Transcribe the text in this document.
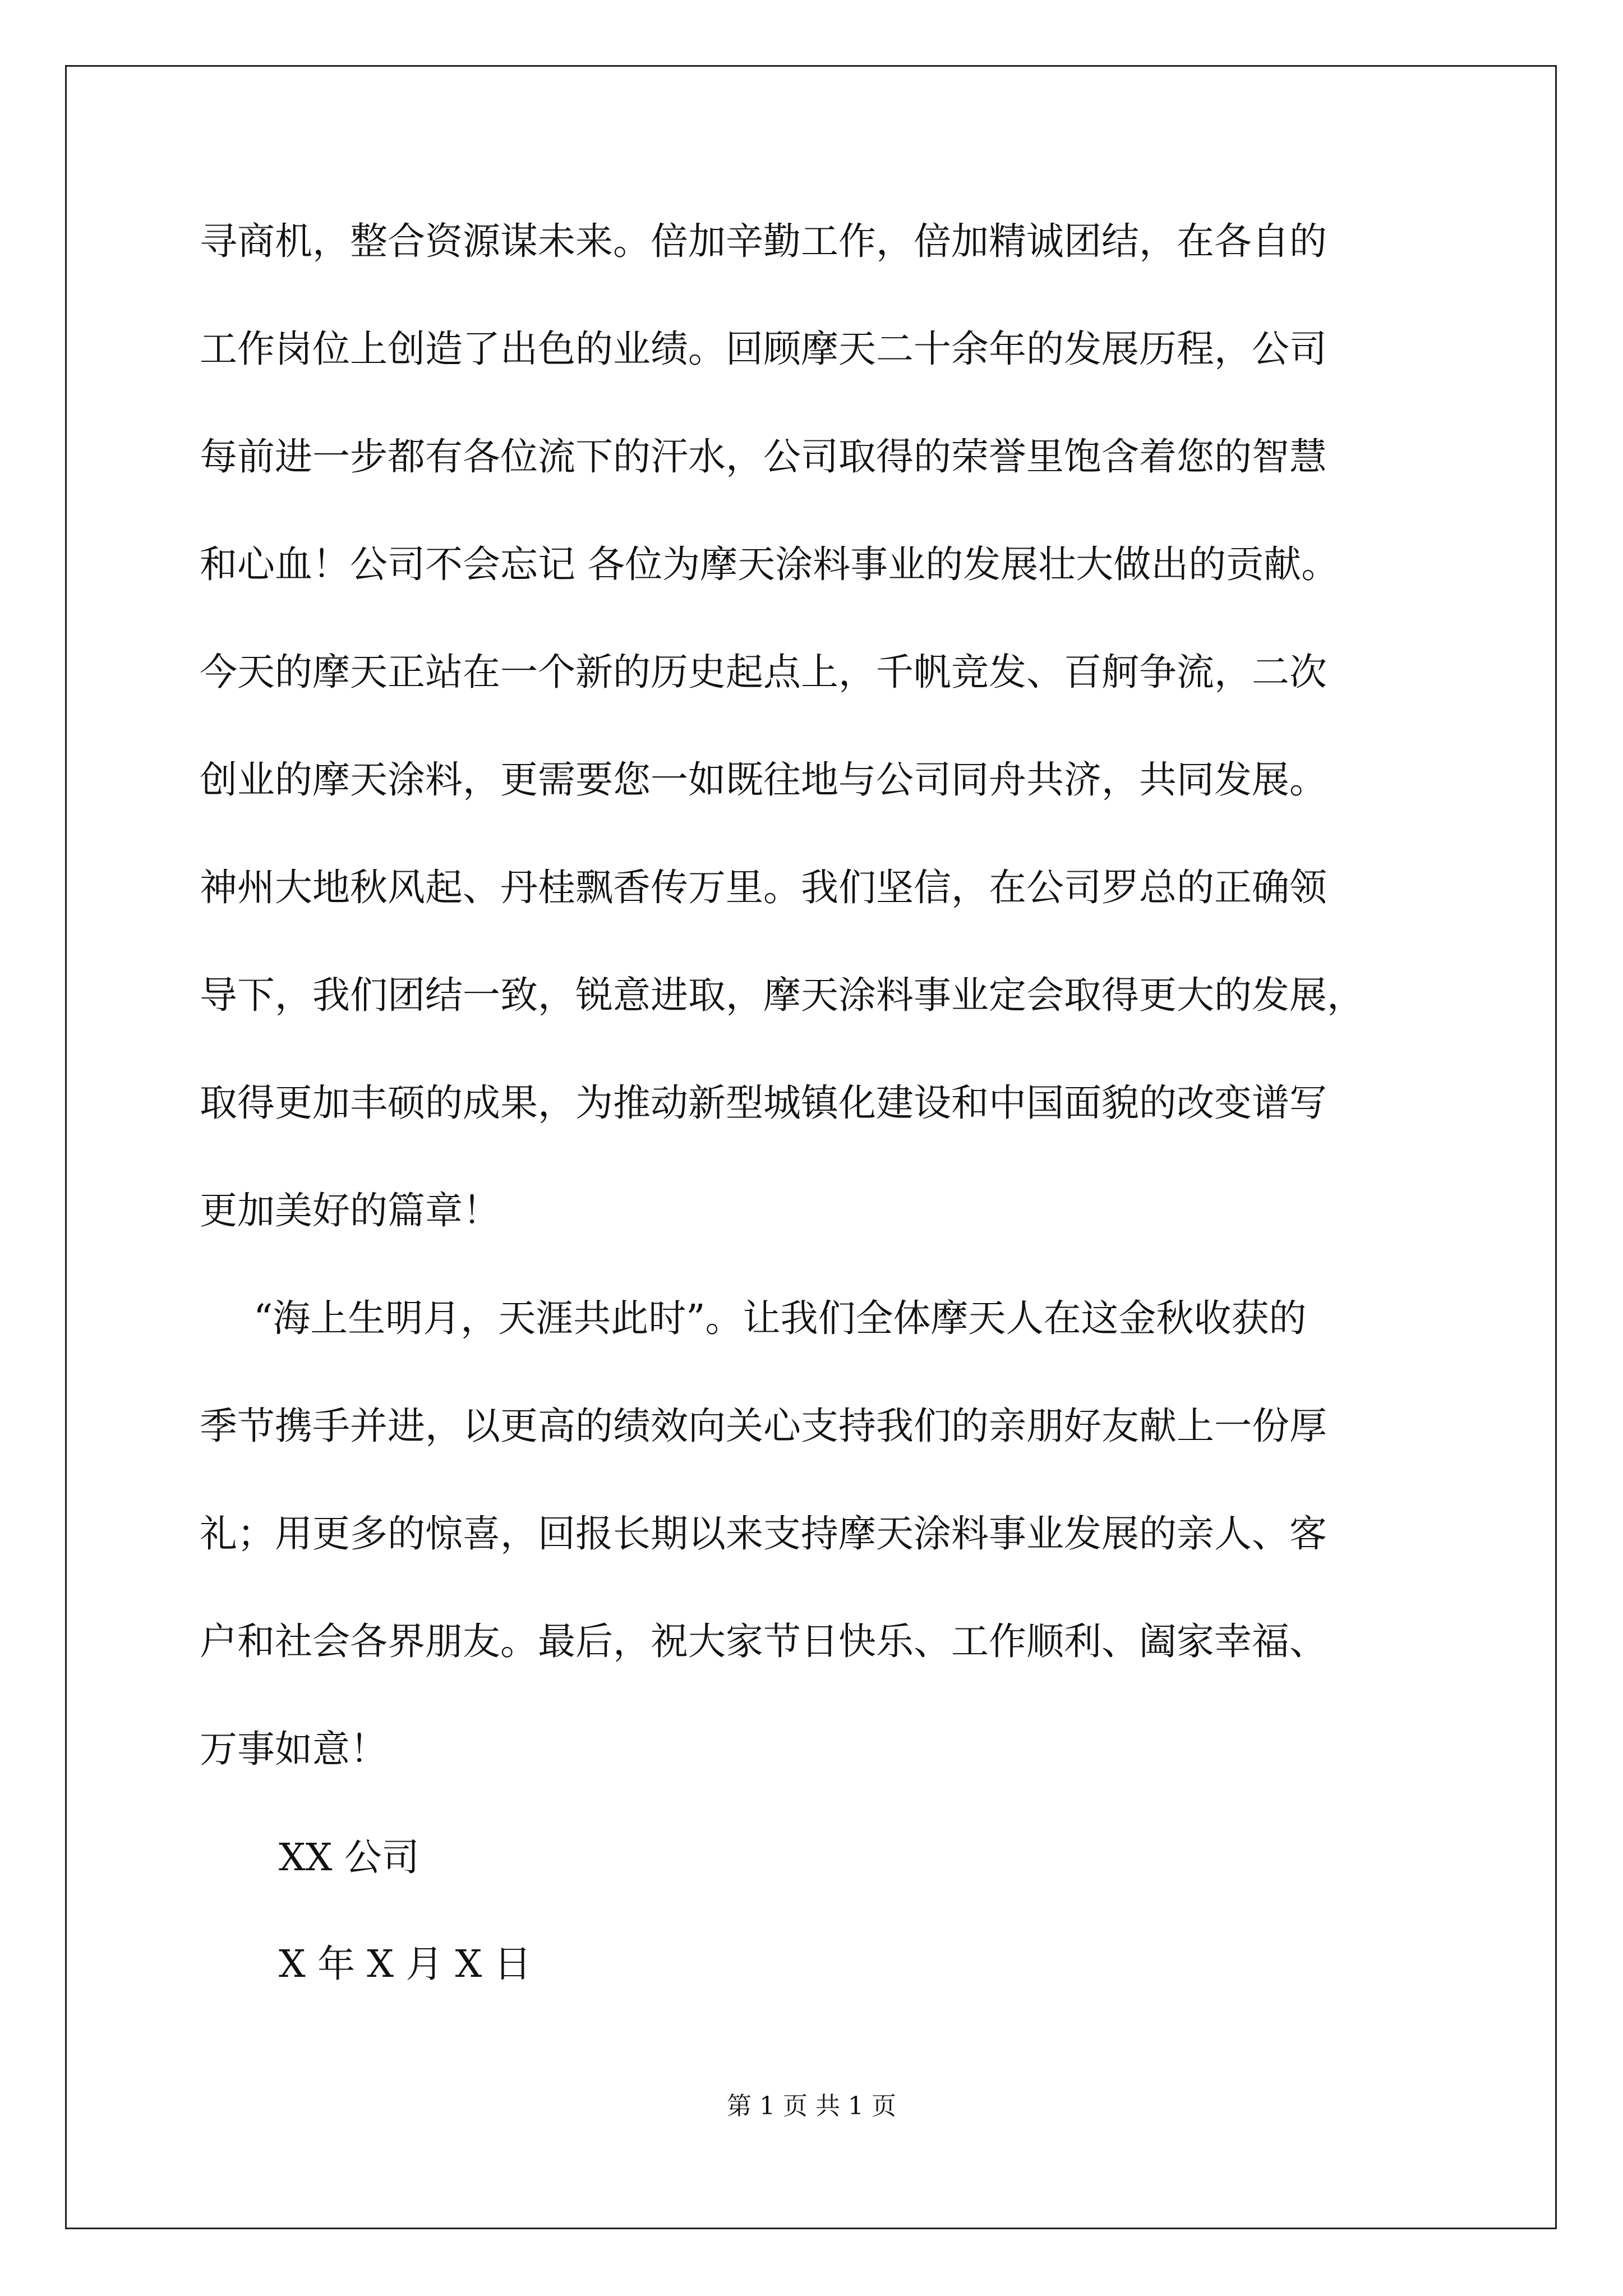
寻商机，整合资源谋未来。倍加辛勤工作，倍加精诚团结，在各自的
工作岗位上创造了出色的业绩。回顾摩天二十余年的发展历程，公司
每前进一步都有各位流下的汗水，公司取得的荣誉里饱含着您的智慧
和心血！公司不会忘记 各位为摩天涂料事业的发展壮大做出的贡献。
今天的摩天正站在一个新的历史起点上，千帆竞发、百舸争流，二次
创业的摩天涂料，更需要您一如既往地与公司同舟共济，共同发展。
神州大地秋风起、丹桂飘香传万里。我们坚信，在公司罗总的正确领
导下，我们团结一致，锐意进取，摩天涂料事业定会取得更大的发展，
取得更加丰硕的成果，为推动新型城镇化建设和中国面貌的改变谱写
更加美好的篇章！
“海上生明月，天涯共此时”。让我们全体摩天人在这金秋收获的
季节携手并进，以更高的绩效向关心支持我们的亲朋好友献上一份厚
礼；用更多的惊喜，回报长期以来支持摩天涂料事业发展的亲人、客
户和社会各界朋友。最后，祝大家节日快乐、工作顺利、阖家幸福、
万事如意！
XX 公司
X 年 X 月 X 日
第 1 页 共 1 页
